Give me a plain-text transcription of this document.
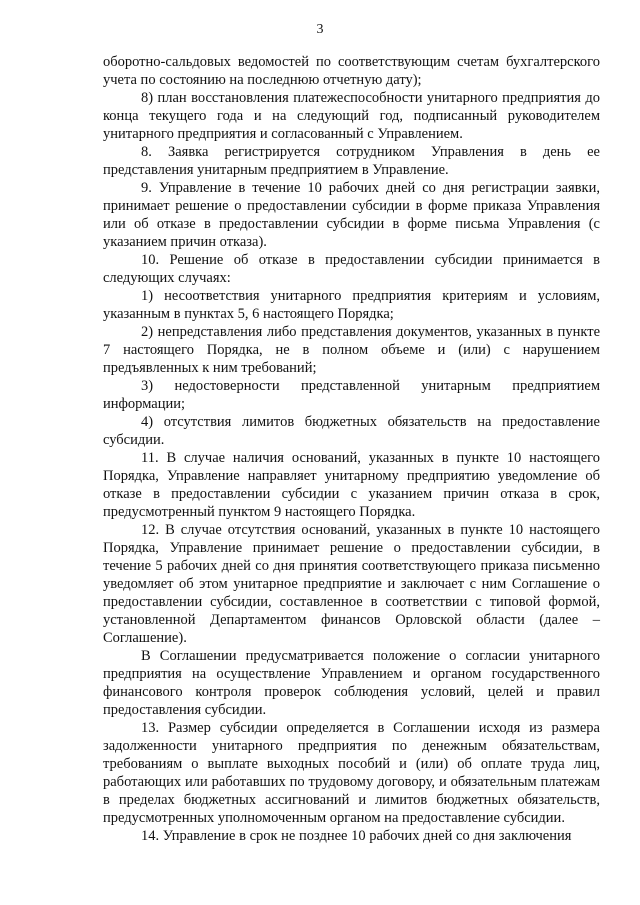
3

оборотно-сальдовых ведомостей по соответствующим счетам бухгалтерского учета по состоянию на последнюю отчетную дату);

8) план восстановления платежеспособности унитарного предприятия до конца текущего года и на следующий год, подписанный руководителем унитарного предприятия и согласованный с Управлением.

8. Заявка регистрируется сотрудником Управления в день ее представления унитарным предприятием в Управление.

9. Управление в течение 10 рабочих дней со дня регистрации заявки, принимает решение о предоставлении субсидии в форме приказа Управления или об отказе в предоставлении субсидии в форме письма Управления (с указанием причин отказа).

10. Решение об отказе в предоставлении субсидии принимается в следующих случаях:

1) несоответствия унитарного предприятия критериям и условиям, указанным в пунктах 5, 6 настоящего Порядка;

2) непредставления либо представления документов, указанных в пункте 7 настоящего Порядка, не в полном объеме и (или) с нарушением предъявленных к ним требований;

3) недостоверности представленной унитарным предприятием информации;

4) отсутствия лимитов бюджетных обязательств на предоставление субсидии.

11. В случае наличия оснований, указанных в пункте 10 настоящего Порядка, Управление направляет унитарному предприятию уведомление об отказе в предоставлении субсидии с указанием причин отказа в срок, предусмотренный пунктом 9 настоящего Порядка.

12. В случае отсутствия оснований, указанных в пункте 10 настоящего Порядка, Управление принимает решение о предоставлении субсидии, в течение 5 рабочих дней со дня принятия соответствующего приказа письменно уведомляет об этом унитарное предприятие и заключает с ним Соглашение о предоставлении субсидии, составленное в соответствии с типовой формой, установленной Департаментом финансов Орловской области (далее – Соглашение).

В Соглашении предусматривается положение о согласии унитарного предприятия на осуществление Управлением и органом государственного финансового контроля проверок соблюдения условий, целей и правил предоставления субсидии.

13. Размер субсидии определяется в Соглашении исходя из размера задолженности унитарного предприятия по денежным обязательствам, требованиям о выплате выходных пособий и (или) об оплате труда лиц, работающих или работавших по трудовому договору, и обязательным платежам в пределах бюджетных ассигнований и лимитов бюджетных обязательств, предусмотренных уполномоченным органом на предоставление субсидии.

14. Управление в срок не позднее 10 рабочих дней со дня заключения
